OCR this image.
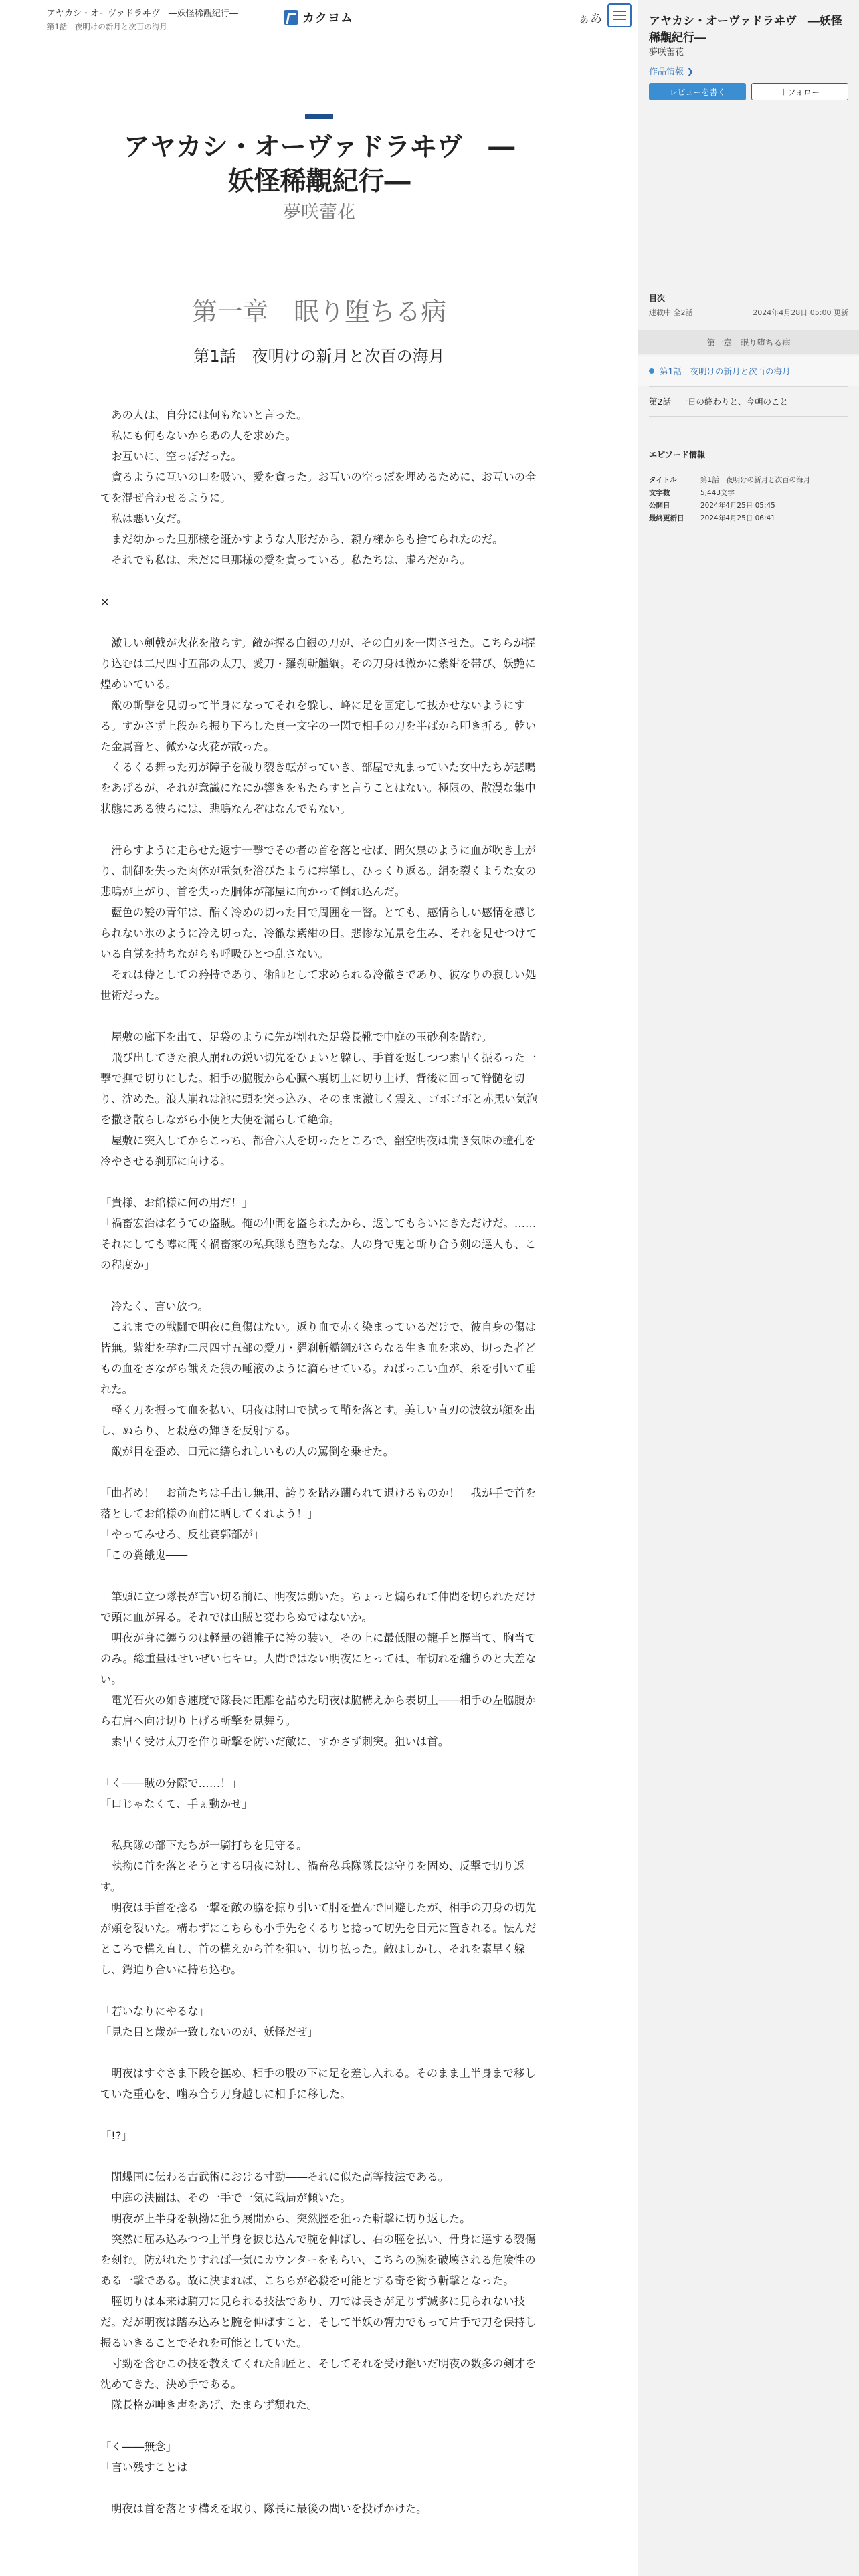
アヤカシ・オーヴァドラヰヴ　―妖怪稀覯紀行―
第1話　夜明けの新月と次百の海月
カクヨム	ぁあ
アヤカシ・オーヴァドラヰヴ　―
妖怪稀覯紀行―
夢咲蕾花
第一章　眠り堕ちる病
第1話　夜明けの新月と次百の海月

　あの人は、自分には何もないと言った。

　私にも何もないからあの人を求めた。

　お互いに、空っぽだった。

　貪るように互いの口を吸い、愛を貪った。お互いの空っぽを埋めるために、お互いの全てを混ぜ合わせるように。

　私は悪い女だ。

　まだ幼かった旦那様を誑かすような人形だから、親方様からも捨てられたのだ。

　それでも私は、未だに旦那様の愛を貪っている。私たちは、虚ろだから。

×

　激しい剣戟が火花を散らす。敵が握る白銀の刀が、その白刃を一閃させた。こちらが握り込むは二尺四寸五部の太刀、愛刀・羅刹斬艦綱。その刀身は微かに紫紺を帯び、妖艶に煌めいている。

　敵の斬撃を見切って半身になってそれを躱し、峰に足を固定して抜かせないようにする。すかさず上段から振り下ろした真一文字の一閃で相手の刀を半ばから叩き折る。乾いた金属音と、微かな火花が散った。

　くるくる舞った刃が障子を破り裂き転がっていき、部屋で丸まっていた女中たちが悲鳴をあげるが、それが意識になにか響きをもたらすと言うことはない。極限の、散漫な集中状態にある彼らには、悲鳴なんぞはなんでもない。

　滑らすように走らせた返す一撃でその者の首を落とせば、間欠泉のように血が吹き上がり、制御を失った肉体が電気を浴びたように痙攣し、ひっくり返る。絹を裂くような女の悲鳴が上がり、首を失った胴体が部屋に向かって倒れ込んだ。

　藍色の髪の青年は、酷く冷めの切った目で周囲を一瞥。とても、感情らしい感情を感じられない氷のように冷え切った、冷徹な紫紺の目。悲惨な光景を生み、それを見せつけている自覚を持ちながらも呼吸ひとつ乱さない。

　それは侍としての矜持であり、術師として求められる冷徹さであり、彼なりの寂しい処世術だった。

　屋敷の廊下を出て、足袋のように先が割れた足袋長靴で中庭の玉砂利を踏む。

　飛び出してきた浪人崩れの鋭い切先をひょいと躱し、手首を返しつつ素早く振るった一撃で撫で切りにした。相手の脇腹から心臓へ裏切上に切り上げ、背後に回って脊髄を切り、沈めた。浪人崩れは池に頭を突っ込み、そのまま激しく震え、ゴボゴボと赤黒い気泡を撒き散らしながら小便と大便を漏らして絶命。

　屋敷に突入してからこっち、都合六人を切ったところで、翻空明夜は開き気味の瞳孔を冷やさせる刹那に向ける。

「貴様、お館様に何の用だ！」

「禍畜宏治は名うての盗賊。俺の仲間を盗られたから、返してもらいにきただけだ。……それにしても噂に聞く禍畜家の私兵隊も堕ちたな。人の身で鬼と斬り合う剣の達人も、この程度か」

　冷たく、言い放つ。

　これまでの戦闘で明夜に負傷はない。返り血で赤く染まっているだけで、彼自身の傷は皆無。紫紺を孕む二尺四寸五部の愛刀・羅刹斬艦綱がさらなる生き血を求め、切った者どもの血をさながら餓えた狼の唾液のように滴らせている。ねばっこい血が、糸を引いて垂れた。

　軽く刀を振って血を払い、明夜は肘口で拭って鞘を落とす。美しい直刃の波紋が顔を出し、ぬらり、と殺意の輝きを反射する。

　敵が目を歪め、口元に繕られしいもの人の罵倒を乗せた。

「曲者め！　お前たちは手出し無用、誇りを踏み躙られて退けるものか！　我が手で首を落としてお館様の面前に晒してくれよう！」

「やってみせろ、反社賽郭部が」

「この糞餓鬼――」

　筆頭に立つ隊長が言い切る前に、明夜は動いた。ちょっと煽られて仲間を切られただけで頭に血が昇る。それでは山賊と変わらぬではないか。

　明夜が身に纏うのは軽量の鎖帷子に袴の装い。その上に最低限の籠手と脛当て、胸当てのみ。総重量はせいぜい七キロ。人間ではない明夜にとっては、布切れを纏うのと大差ない。

　電光石火の如き速度で隊長に距離を詰めた明夜は脇構えから表切上――相手の左脇腹から右肩へ向け切り上げる斬撃を見舞う。

　素早く受け太刀を作り斬撃を防いだ敵に、すかさず刺突。狙いは首。

「く――賊の分際で……！」

「口じゃなくて、手ぇ動かせ」

　私兵隊の部下たちが一騎打ちを見守る。

　執拗に首を落とそうとする明夜に対し、禍畜私兵隊隊長は守りを固め、反撃で切り返す。

　明夜は手首を捻る一撃を敵の脇を掠り引いて肘を畳んで回避したが、相手の刀身の切先が頬を裂いた。構わずにこちらも小手先をくるりと捻って切先を目元に置きれる。怯んだところで構え直し、首の構えから首を狙い、切り払った。敵はしかし、それを素早く躱し、鍔迫り合いに持ち込む。

「若いなりにやるな」

「見た目と歳が一致しないのが、妖怪だぜ」

　明夜はすぐさま下段を撫め、相手の股の下に足を差し入れる。そのまま上半身まで移していた重心を、噛み合う刀身越しに相手に移した。

「!?」

　閉蝶国に伝わる古武術における寸勁――それに似た高等技法である。

　中庭の決闘は、その一手で一気に戦局が傾いた。

　明夜が上半身を執拗に狙う展開から、突然脛を狙った斬撃に切り返した。

　突然に屈み込みつつ上半身を捩じ込んで腕を伸ばし、右の脛を払い、骨身に達する裂傷を刻む。防がれたりすれば一気にカウンターをもらい、こちらの腕を破壊される危険性のある一撃である。故に決まれば、こちらが必殺を可能とする奇を衒う斬撃となった。

　脛切りは本来は騎刀に見られる技法であり、刀では長さが足りず滅多に見られない技だ。だが明夜は踏み込みと腕を伸ばすこと、そして半妖の膂力でもって片手で刀を保持し振るいきることでそれを可能としていた。

　寸勁を含むこの技を教えてくれた師匠と、そしてそれを受け継いだ明夜の数多の剣才を沈めてきた、決め手である。

　隊長格が呻き声をあげ、たまらず頽れた。

「く――無念」

「言い残すことは」

　明夜は首を落とす構えを取り、隊長に最後の問いを投げかけた。

アヤカシ・オーヴァドラヰヴ　―妖怪稀覯紀行―
夢咲蕾花
作品情報 ❯
レビューを書く	＋フォロー
目次
連載中 全2話	2024年4月28日 05:00 更新
第一章　眠り堕ちる病
第1話　夜明けの新月と次百の海月
第2話　一日の終わりと、今朝のこと
エピソード情報
タイトル	第1話　夜明けの新月と次百の海月
文字数	5,443文字
公開日	2024年4月25日 05:45
最終更新日	2024年4月25日 06:41
